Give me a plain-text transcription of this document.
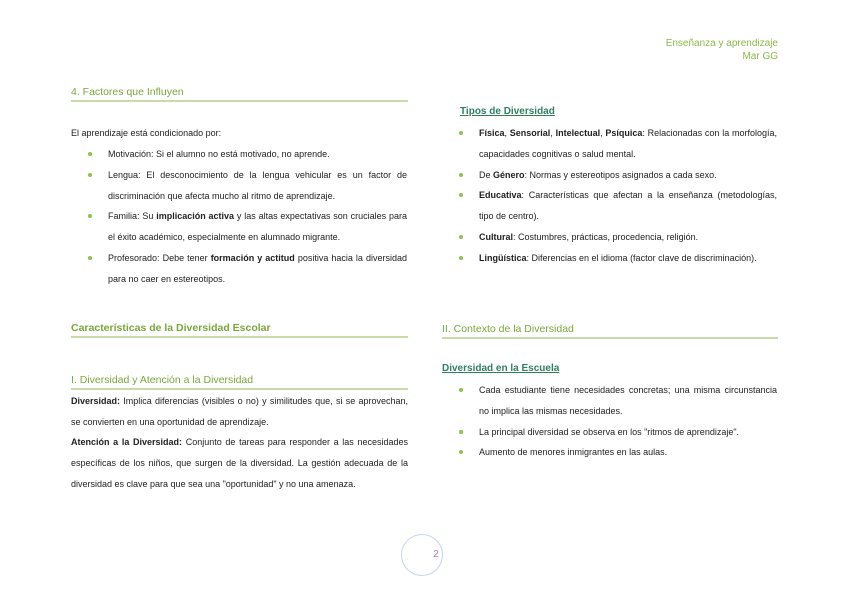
Enseñanza y aprendizaje
Mar GG
4. Factores que Influyen
El aprendizaje está condicionado por:
Motivación: Si el alumno no está motivado, no aprende.
Lengua: El desconocimiento de la lengua vehicular es un factor de discriminación que afecta mucho al ritmo de aprendizaje.
Familia: Su implicación activa y las altas expectativas son cruciales para el éxito académico, especialmente en alumnado migrante.
Profesorado: Debe tener formación y actitud positiva hacia la diversidad para no caer en estereotipos.
Características de la Diversidad Escolar
I. Diversidad y Atención a la Diversidad
Diversidad: Implica diferencias (visibles o no) y similitudes que, si se aprovechan, se convierten en una oportunidad de aprendizaje.
Atención a la Diversidad: Conjunto de tareas para responder a las necesidades específicas de los niños, que surgen de la diversidad. La gestión adecuada de la diversidad es clave para que sea una "oportunidad" y no una amenaza.
Tipos de Diversidad
Física, Sensorial, Intelectual, Psíquica: Relacionadas con la morfología, capacidades cognitivas o salud mental.
De Género: Normas y estereotipos asignados a cada sexo.
Educativa: Características que afectan a la enseñanza (metodologías, tipo de centro).
Cultural: Costumbres, prácticas, procedencia, religión.
Lingüística: Diferencias en el idioma (factor clave de discriminación).
II. Contexto de la Diversidad
Diversidad en la Escuela
Cada estudiante tiene necesidades concretas; una misma circunstancia no implica las mismas necesidades.
La principal diversidad se observa en los "ritmos de aprendizaje".
Aumento de menores inmigrantes en las aulas.
2
